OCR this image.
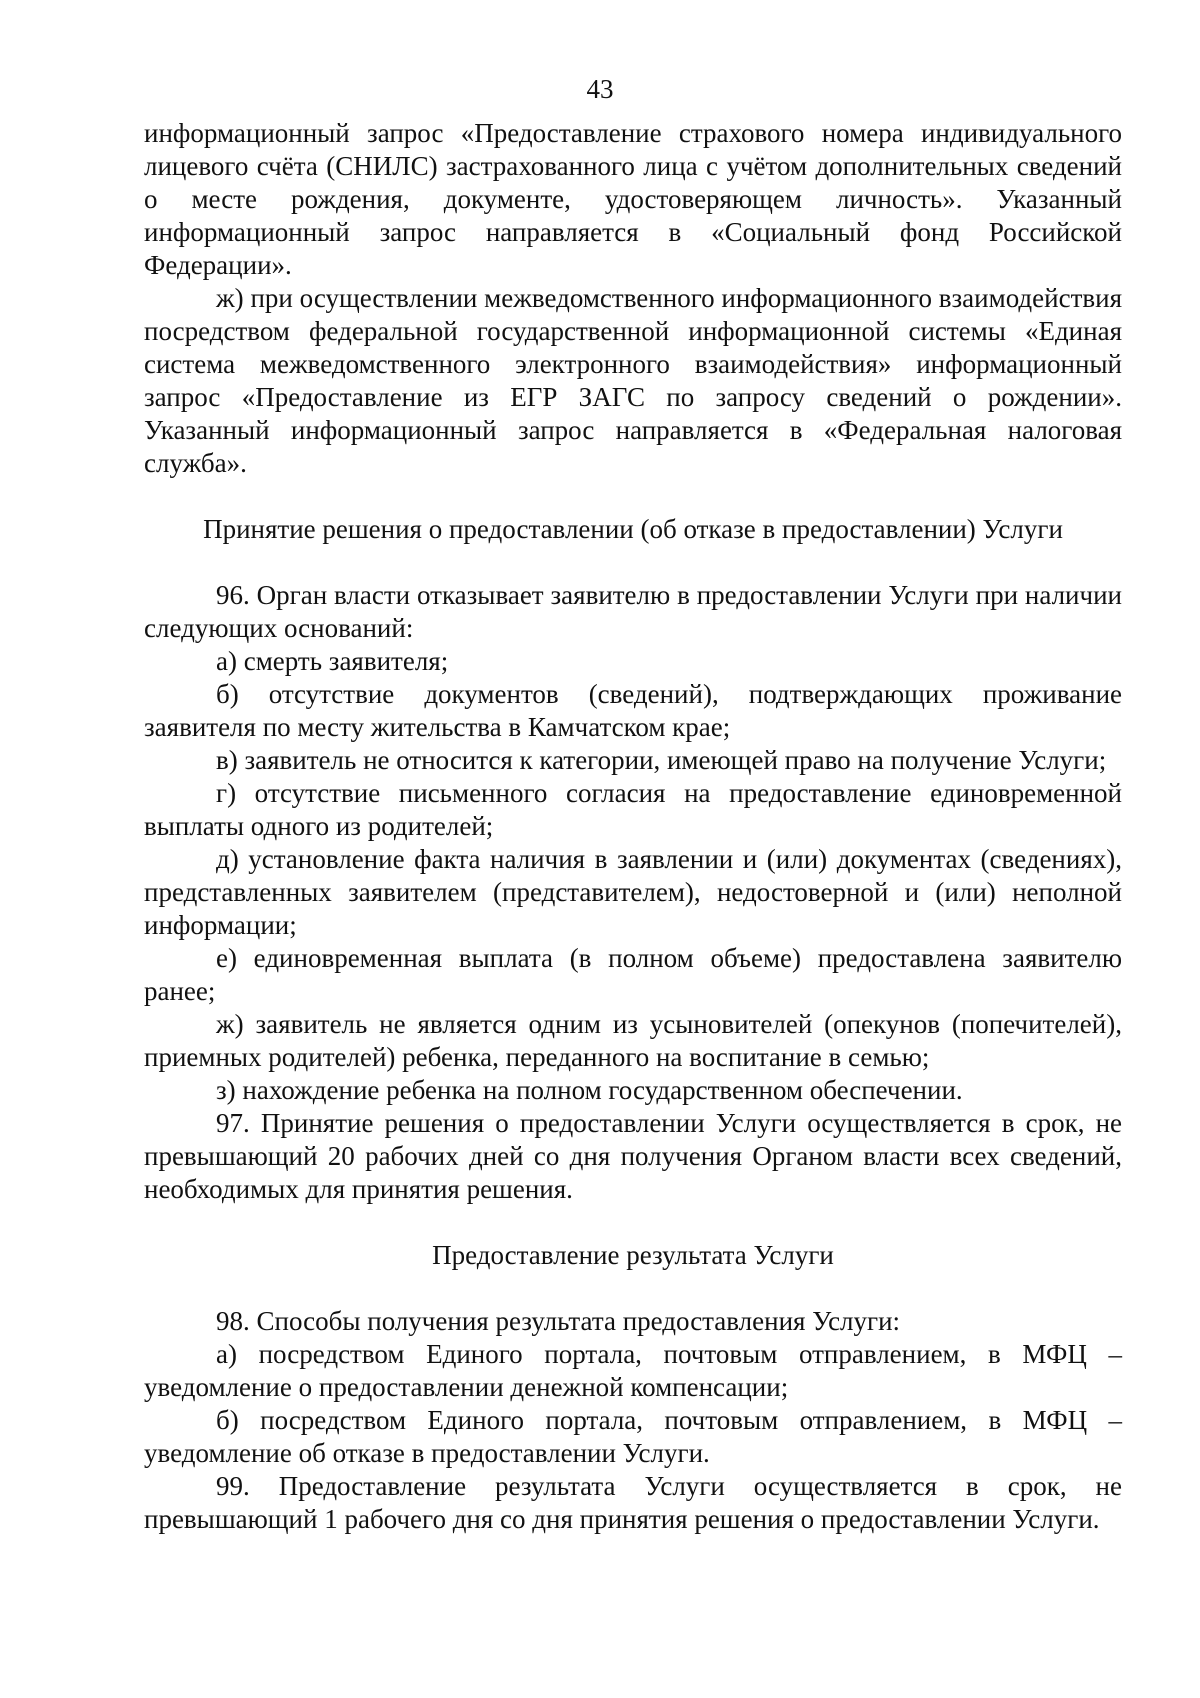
43

информационный запрос «Предоставление страхового номера индивидуального лицевого счёта (СНИЛС) застрахованного лица с учётом дополнительных сведений о месте рождения, документе, удостоверяющем личность». Указанный информационный запрос направляется в «Социальный фонд Российской Федерации».

ж) при осуществлении межведомственного информационного взаимодействия посредством федеральной государственной информационной системы «Единая система межведомственного электронного взаимодействия» информационный запрос «Предоставление из ЕГР ЗАГС по запросу сведений о рождении». Указанный информационный запрос направляется в «Федеральная налоговая служба».

Принятие решения о предоставлении (об отказе в предоставлении) Услуги

96. Орган власти отказывает заявителю в предоставлении Услуги при наличии следующих оснований:

а) смерть заявителя;

б) отсутствие документов (сведений), подтверждающих проживание заявителя по месту жительства в Камчатском крае;

в) заявитель не относится к категории, имеющей право на получение Услуги;

г) отсутствие письменного согласия на предоставление единовременной выплаты одного из родителей;

д) установление факта наличия в заявлении и (или) документах (сведениях), представленных заявителем (представителем), недостоверной и (или) неполной информации;

е) единовременная выплата (в полном объеме) предоставлена заявителю ранее;

ж) заявитель не является одним из усыновителей (опекунов (попечителей), приемных родителей) ребенка, переданного на воспитание в семью;

з) нахождение ребенка на полном государственном обеспечении.

97. Принятие решения о предоставлении Услуги осуществляется в срок, не превышающий 20 рабочих дней со дня получения Органом власти всех сведений, необходимых для принятия решения.

Предоставление результата Услуги

98. Способы получения результата предоставления Услуги:

а) посредством Единого портала, почтовым отправлением, в МФЦ – уведомление о предоставлении денежной компенсации;

б) посредством Единого портала, почтовым отправлением, в МФЦ – уведомление об отказе в предоставлении Услуги.

99. Предоставление результата Услуги осуществляется в срок, не превышающий 1 рабочего дня со дня принятия решения о предоставлении Услуги.
